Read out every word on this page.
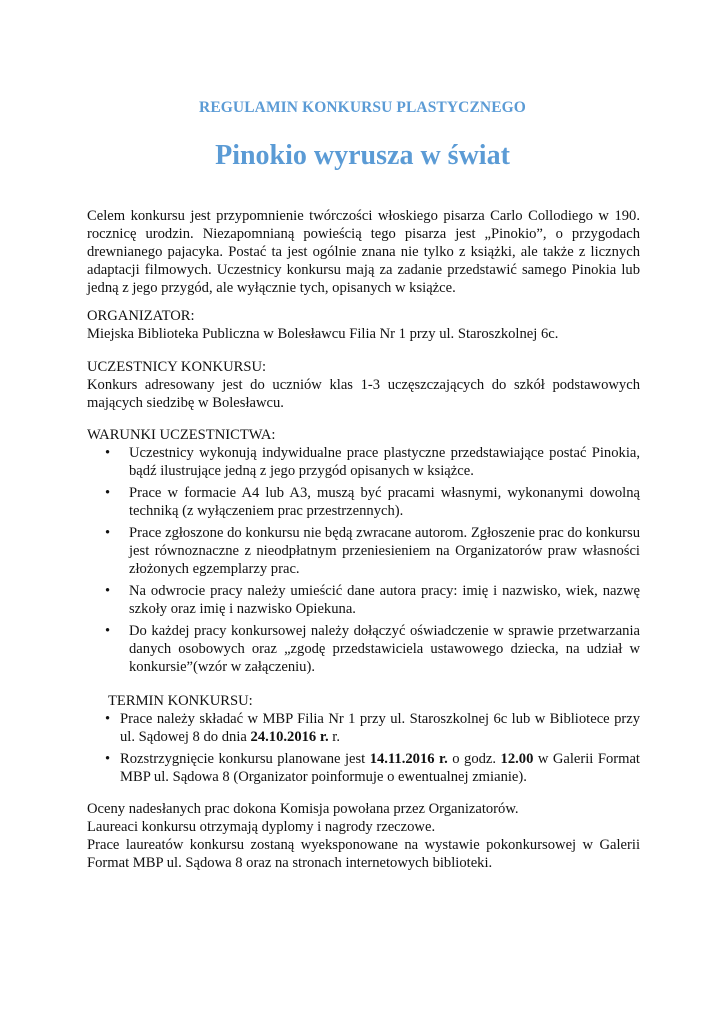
REGULAMIN KONKURSU PLASTYCZNEGO
Pinokio wyrusza w świat
Celem konkursu jest przypomnienie twórczości włoskiego pisarza Carlo Collodiego w 190. rocznicę urodzin. Niezapomnianą powieścią tego pisarza jest „Pinokio”, o przygodach drewnianego pajacyka. Postać ta jest ogólnie znana nie tylko z książki, ale także z licznych adaptacji filmowych. Uczestnicy konkursu mają za zadanie przedstawić samego Pinokia lub jedną z jego przygód, ale wyłącznie tych, opisanych w książce.
ORGANIZATOR:
Miejska Biblioteka Publiczna w Bolesławcu Filia Nr 1 przy ul. Staroszkolnej 6c.
UCZESTNICY KONKURSU:
Konkurs adresowany jest do uczniów klas 1-3 uczęszczających do szkół podstawowych mających siedzibę w Bolesławcu.
WARUNKI UCZESTNICTWA:
• Uczestnicy wykonują indywidualne prace plastyczne przedstawiające postać Pinokia, bądź ilustrujące jedną z jego przygód opisanych w książce.
• Prace w formacie A4 lub A3, muszą być pracami własnymi, wykonanymi dowolną techniką (z wyłączeniem prac przestrzennych).
• Prace zgłoszone do konkursu nie będą zwracane autorom. Zgłoszenie prac do konkursu jest równoznaczne z nieodpłatnym przeniesieniem na Organizatorów praw własności złożonych egzemplarzy prac.
• Na odwrocie pracy należy umieścić dane autora pracy: imię i nazwisko, wiek, nazwę szkoły oraz imię i nazwisko Opiekuna.
• Do każdej pracy konkursowej należy dołączyć oświadczenie w sprawie przetwarzania danych osobowych oraz „zgodę przedstawiciela ustawowego dziecka, na udział w konkursie”(wzór w załączeniu).
TERMIN KONKURSU:
• Prace należy składać w MBP Filia Nr 1 przy ul. Staroszkolnej 6c lub w Bibliotece przy ul. Sądowej 8 do dnia 24.10.2016 r. r.
• Rozstrzygnięcie konkursu planowane jest 14.11.2016 r. o godz. 12.00 w Galerii Format MBP ul. Sądowa 8 (Organizator poinformuje o ewentualnej zmianie).
Oceny nadesłanych prac dokona Komisja powołana przez Organizatorów.
Laureaci konkursu otrzymają dyplomy i nagrody rzeczowe.
Prace laureatów konkursu zostaną wyeksponowane na wystawie pokonkursowej w Galerii Format MBP ul. Sądowa 8 oraz na stronach internetowych biblioteki.
